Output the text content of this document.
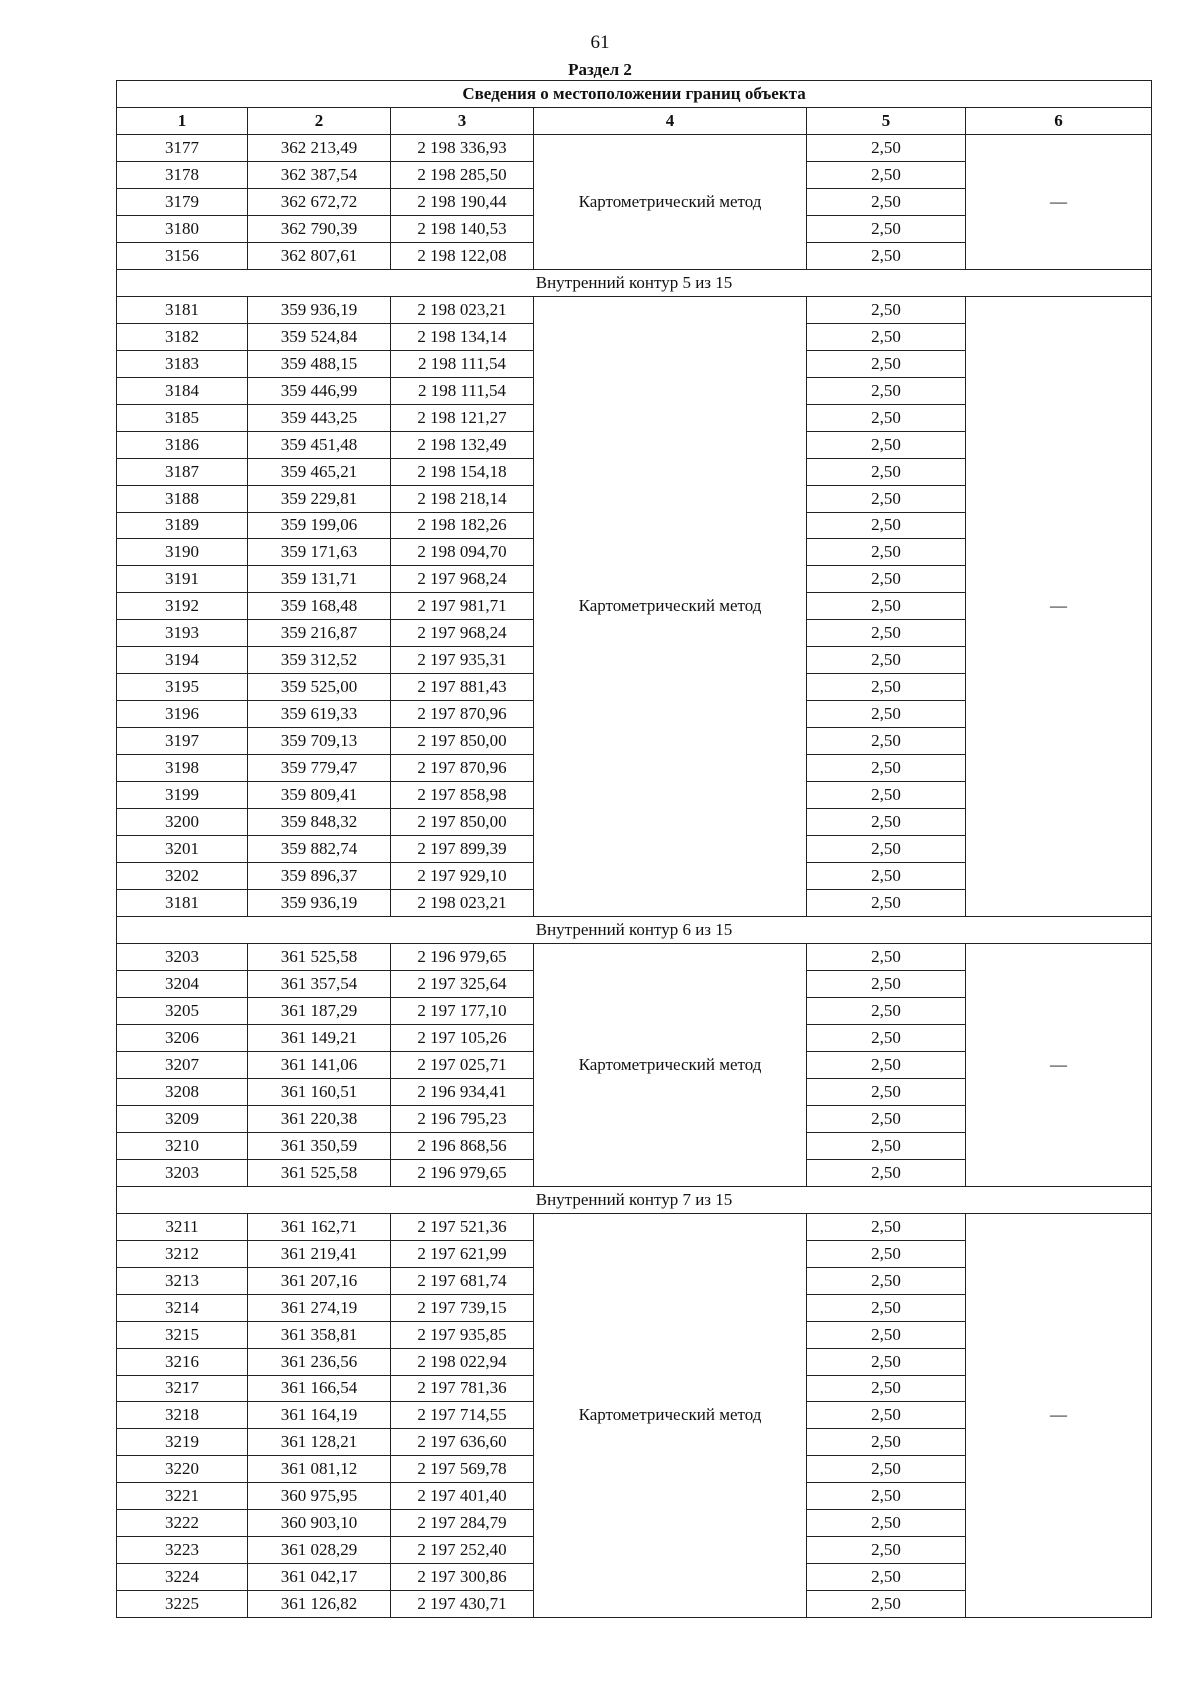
61
Раздел 2
Сведения о местоположении границ объекта					
1	2	3	4	5	6
3177	362 213,49	2 198 336,93	Картометрический метод	2,50	—
3178	362 387,54	2 198 285,50		2,50	
3179	362 672,72	2 198 190,44		2,50	
3180	362 790,39	2 198 140,53		2,50	
3156	362 807,61	2 198 122,08		2,50	
Внутренний контур 5 из 15					
3181	359 936,19	2 198 023,21	Картометрический метод	2,50	—
3182	359 524,84	2 198 134,14		2,50	
3183	359 488,15	2 198 111,54		2,50	
3184	359 446,99	2 198 111,54		2,50	
3185	359 443,25	2 198 121,27		2,50	
3186	359 451,48	2 198 132,49		2,50	
3187	359 465,21	2 198 154,18		2,50	
3188	359 229,81	2 198 218,14		2,50	
3189	359 199,06	2 198 182,26		2,50	
3190	359 171,63	2 198 094,70		2,50	
3191	359 131,71	2 197 968,24		2,50	
3192	359 168,48	2 197 981,71		2,50	
3193	359 216,87	2 197 968,24		2,50	
3194	359 312,52	2 197 935,31		2,50	
3195	359 525,00	2 197 881,43		2,50	
3196	359 619,33	2 197 870,96		2,50	
3197	359 709,13	2 197 850,00		2,50	
3198	359 779,47	2 197 870,96		2,50	
3199	359 809,41	2 197 858,98		2,50	
3200	359 848,32	2 197 850,00		2,50	
3201	359 882,74	2 197 899,39		2,50	
3202	359 896,37	2 197 929,10		2,50	
3181	359 936,19	2 198 023,21		2,50	
Внутренний контур 6 из 15					
3203	361 525,58	2 196 979,65	Картометрический метод	2,50	—
3204	361 357,54	2 197 325,64		2,50	
3205	361 187,29	2 197 177,10		2,50	
3206	361 149,21	2 197 105,26		2,50	
3207	361 141,06	2 197 025,71		2,50	
3208	361 160,51	2 196 934,41		2,50	
3209	361 220,38	2 196 795,23		2,50	
3210	361 350,59	2 196 868,56		2,50	
3203	361 525,58	2 196 979,65		2,50	
Внутренний контур 7 из 15					
3211	361 162,71	2 197 521,36	Картометрический метод	2,50	—
3212	361 219,41	2 197 621,99		2,50	
3213	361 207,16	2 197 681,74		2,50	
3214	361 274,19	2 197 739,15		2,50	
3215	361 358,81	2 197 935,85		2,50	
3216	361 236,56	2 198 022,94		2,50	
3217	361 166,54	2 197 781,36		2,50	
3218	361 164,19	2 197 714,55		2,50	
3219	361 128,21	2 197 636,60		2,50	
3220	361 081,12	2 197 569,78		2,50	
3221	360 975,95	2 197 401,40		2,50	
3222	360 903,10	2 197 284,79		2,50	
3223	361 028,29	2 197 252,40		2,50	
3224	361 042,17	2 197 300,86		2,50	
3225	361 126,82	2 197 430,71		2,50	
